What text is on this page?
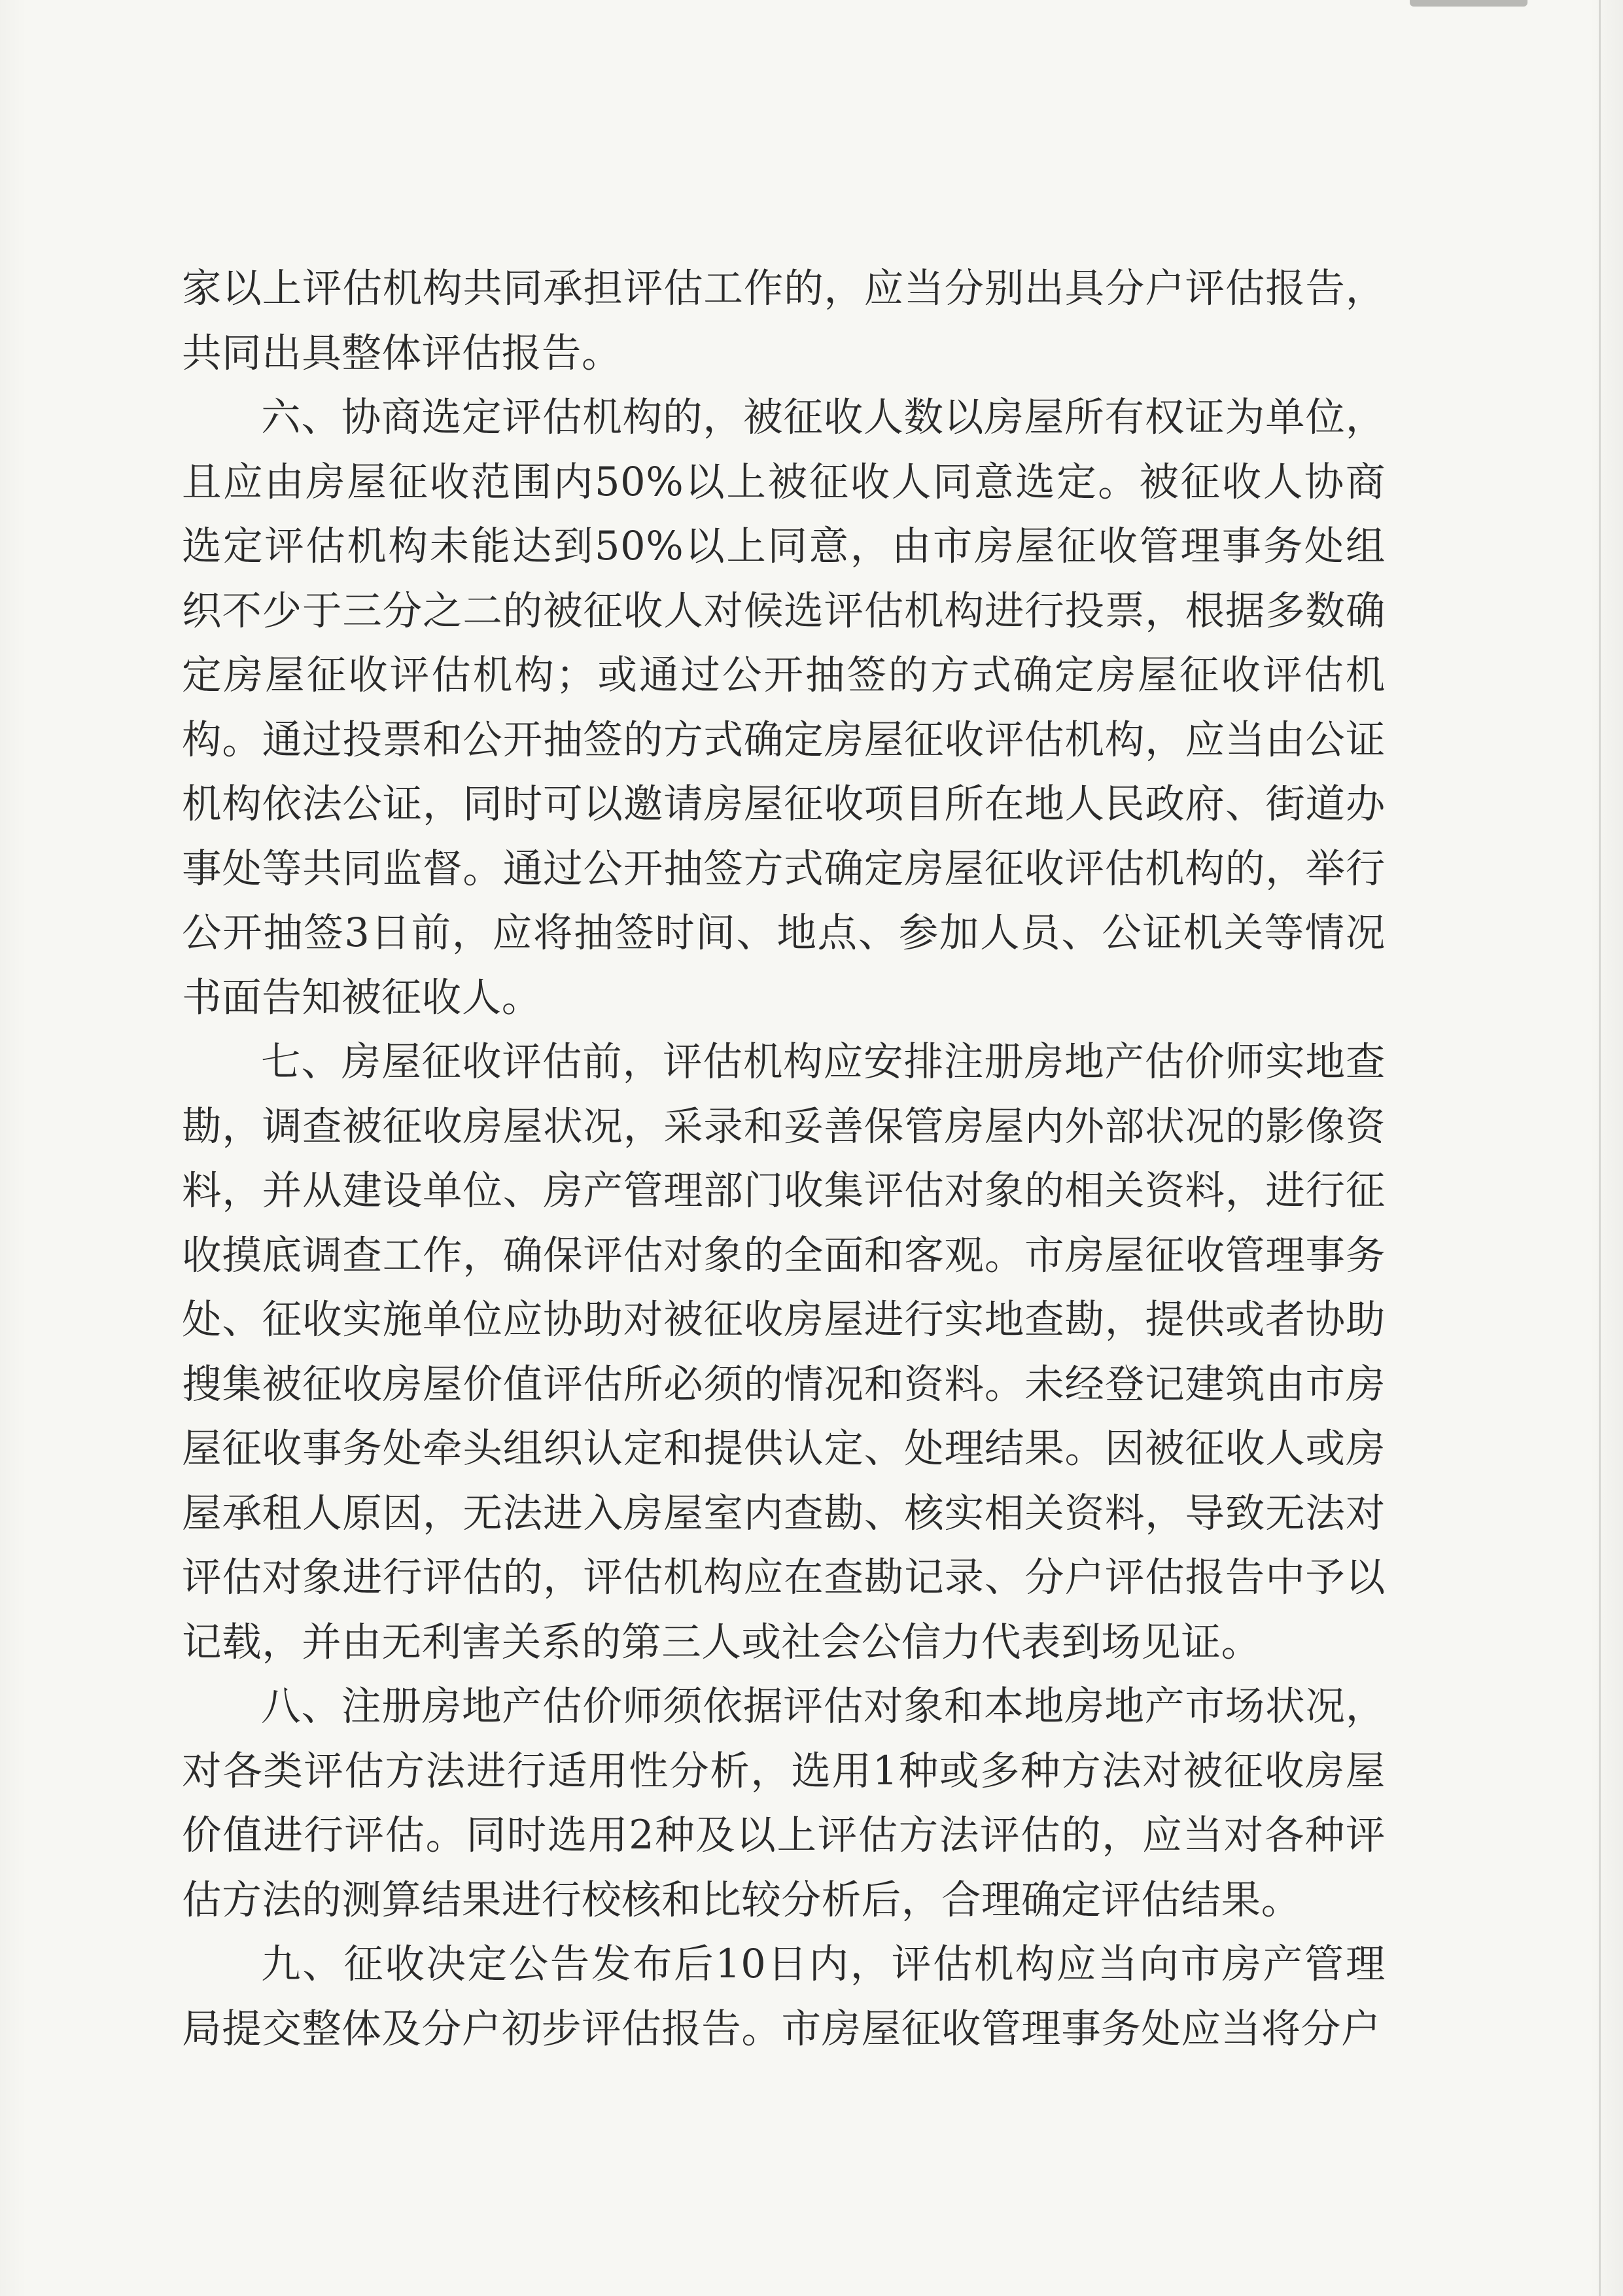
家以上评估机构共同承担评估工作的，应当分别出具分户评估报告，共同出具整体评估报告。

六、协商选定评估机构的，被征收人数以房屋所有权证为单位，且应由房屋征收范围内50%以上被征收人同意选定。被征收人协商选定评估机构未能达到50%以上同意，由市房屋征收管理事务处组织不少于三分之二的被征收人对候选评估机构进行投票，根据多数确定房屋征收评估机构；或通过公开抽签的方式确定房屋征收评估机构。通过投票和公开抽签的方式确定房屋征收评估机构，应当由公证机构依法公证，同时可以邀请房屋征收项目所在地人民政府、街道办事处等共同监督。通过公开抽签方式确定房屋征收评估机构的，举行公开抽签3日前，应将抽签时间、地点、参加人员、公证机关等情况书面告知被征收人。

七、房屋征收评估前，评估机构应安排注册房地产估价师实地查勘，调查被征收房屋状况，采录和妥善保管房屋内外部状况的影像资料，并从建设单位、房产管理部门收集评估对象的相关资料，进行征收摸底调查工作，确保评估对象的全面和客观。市房屋征收管理事务处、征收实施单位应协助对被征收房屋进行实地查勘，提供或者协助搜集被征收房屋价值评估所必须的情况和资料。未经登记建筑由市房屋征收事务处牵头组织认定和提供认定、处理结果。因被征收人或房屋承租人原因，无法进入房屋室内查勘、核实相关资料，导致无法对评估对象进行评估的，评估机构应在查勘记录、分户评估报告中予以记载，并由无利害关系的第三人或社会公信力代表到场见证。

八、注册房地产估价师须依据评估对象和本地房地产市场状况，对各类评估方法进行适用性分析，选用1种或多种方法对被征收房屋价值进行评估。同时选用2种及以上评估方法评估的，应当对各种评估方法的测算结果进行校核和比较分析后，合理确定评估结果。

九、征收决定公告发布后10日内，评估机构应当向市房产管理局提交整体及分户初步评估报告。市房屋征收管理事务处应当将分户
